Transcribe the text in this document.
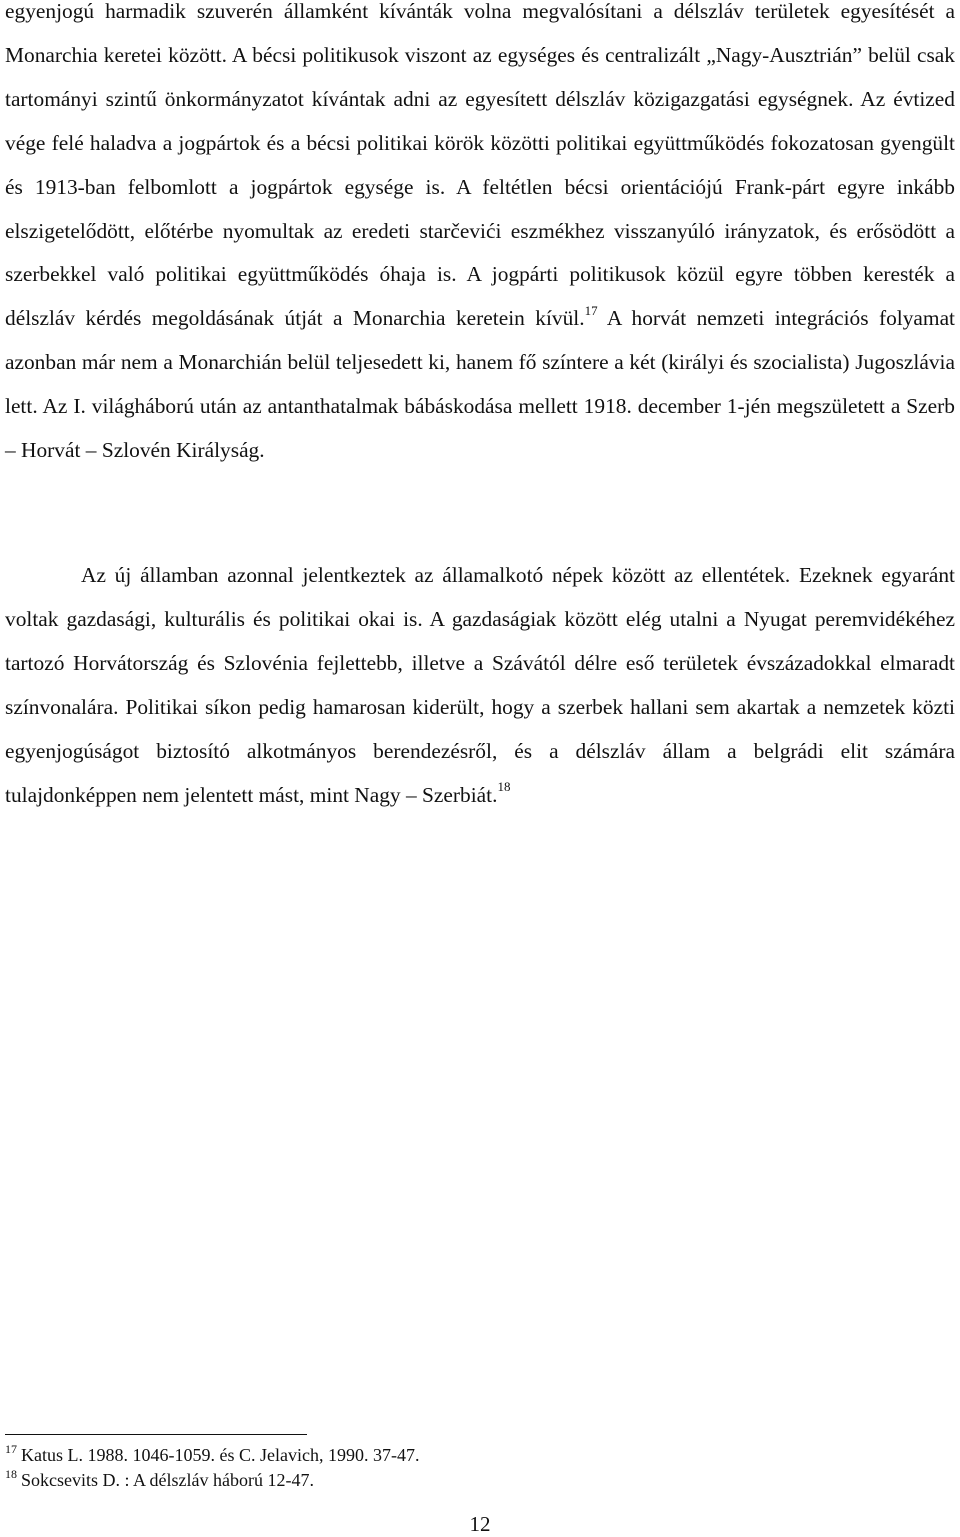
egyenjogú harmadik szuverén államként kívánták volna megvalósítani a délszláv területek egyesítését a Monarchia keretei között. A bécsi politikusok viszont az egységes és centralizált „Nagy-Ausztrián” belül csak tartományi szintű önkormányzatot kívántak adni az egyesített délszláv közigazgatási egységnek. Az évtized vége felé haladva a jogpártok és a bécsi politikai körök közötti politikai együttműködés fokozatosan gyengült és 1913-ban felbomlott a jogpártok egysége is. A feltétlen bécsi orientációjú Frank-párt egyre inkább elszigetelődött, előtérbe nyomultak az eredeti starčevići eszmékhez visszanyúló irányzatok, és erősödött a szerbekkel való politikai együttműködés óhaja is. A jogpárti politikusok közül egyre többen keresték a délszláv kérdés megoldásának útját a Monarchia keretein kívül.$^{17}$ A horvát nemzeti integrációs folyamat azonban már nem a Monarchián belül teljesedett ki, hanem fő színtere a két (királyi és szocialista) Jugoszlávia lett. Az I. világháború után az antanthatalmak bábáskodása mellett 1918. december 1-jén megszületett a Szerb – Horvát – Szlovén Királyság.

Az új államban azonnal jelentkeztek az államalkotó népek között az ellentétek. Ezeknek egyaránt voltak gazdasági, kulturális és politikai okai is. A gazdaságiak között elég utalni a Nyugat peremvidékéhez tartozó Horvátország és Szlovénia fejlettebb, illetve a Szávától délre eső területek évszázadokkal elmaradt színvonalára. Politikai síkon pedig hamarosan kiderült, hogy a szerbek hallani sem akartak a nemzetek közti egyenjogúságot biztosító alkotmányos berendezésről, és a délszláv állam a belgrádi elit számára tulajdonképpen nem jelentett mást, mint Nagy – Szerbiát.$^{18}$

$^{17}$ Katus L. 1988. 1046-1059. és C. Jelavich, 1990. 37-47.

$^{18}$ Sokcsevits D. : A délszláv háború 12-47.

12
